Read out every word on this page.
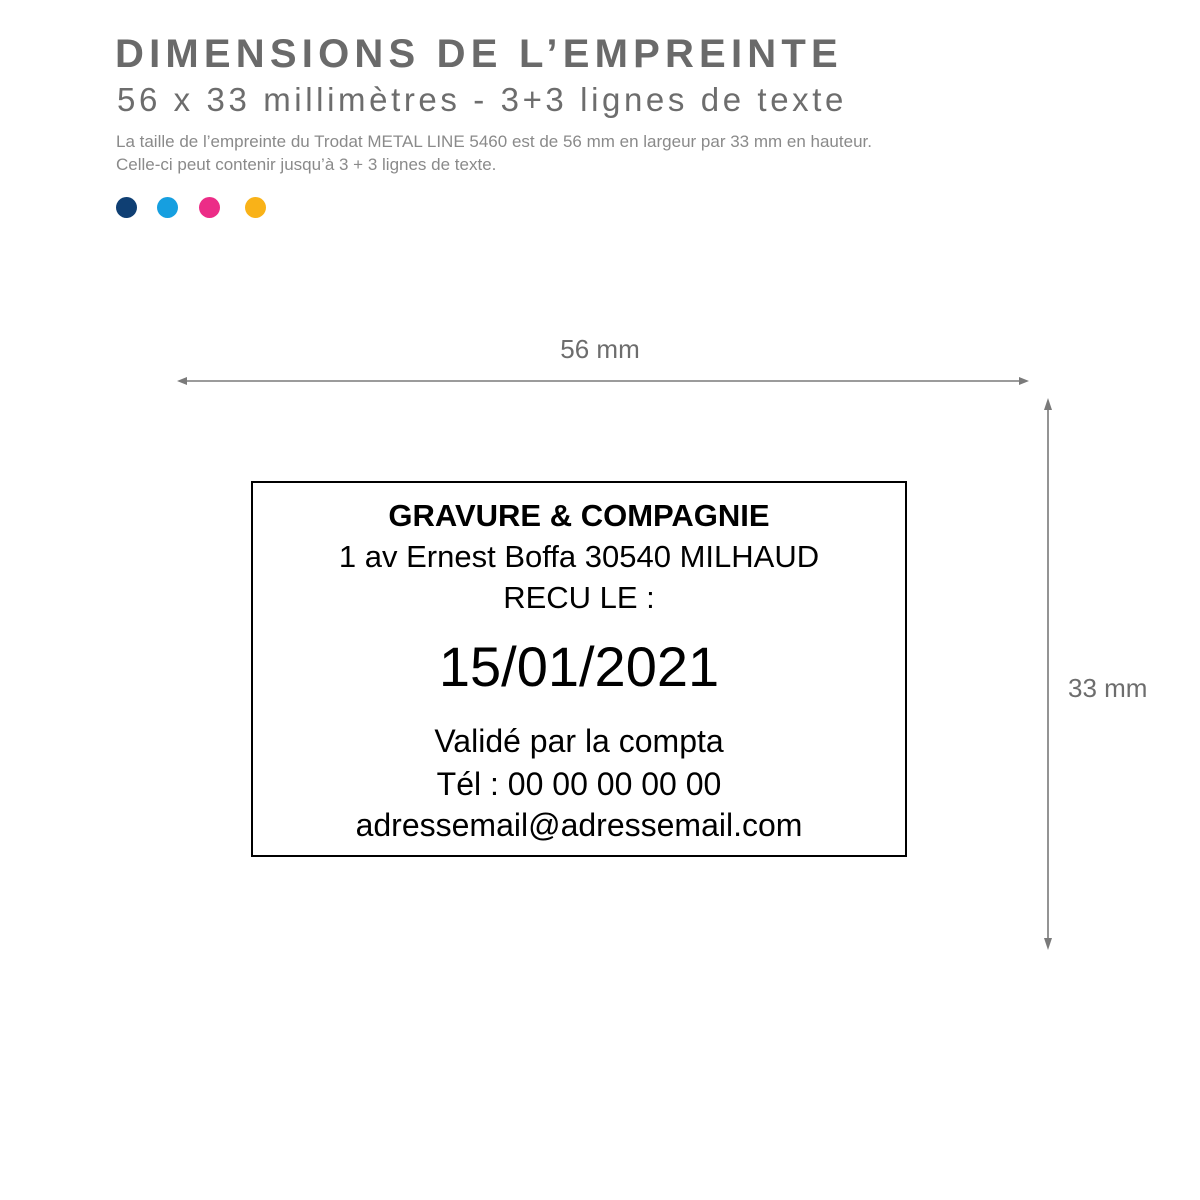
DIMENSIONS DE L’EMPREINTE
56 x 33 millimètres - 3+3 lignes de texte
La taille de l’empreinte du Trodat METAL LINE 5460 est de 56 mm en largeur par 33 mm en hauteur.
Celle-ci peut contenir jusqu’à 3 + 3 lignes de texte.
56 mm
33 mm
GRAVURE & COMPAGNIE
1 av Ernest Boffa 30540 MILHAUD
RECU LE :
15/01/2021
Validé par la compta
Tél : 00 00 00 00 00
adressemail@adressemail.com
